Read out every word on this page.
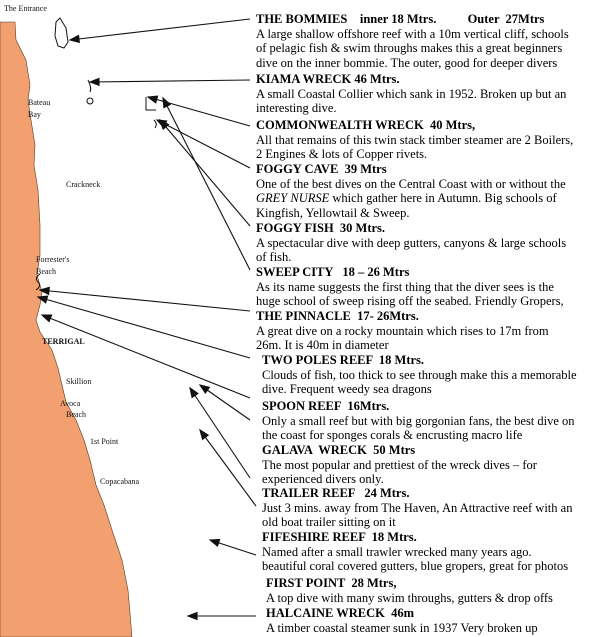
The Entrance
Bateau
Bay
Crackneck
Forrester's
Beach
TERRIGAL
Skillion
Avoca
Beach
1st Point
Copacabana
THE BOMMIES    inner 18 Mtrs.          Outer  27Mtrs
A large shallow offshore reef with a 10m vertical cliff, schools
of pelagic fish & swim throughs makes this a great beginners
dive on the inner bommie. The outer, good for deeper divers
KIAMA WRECK 46 Mtrs.
A small Coastal Collier which sank in 1952. Broken up but an
interesting dive.
COMMONWEALTH WRECK  40 Mtrs,
All that remains of this twin stack timber steamer are 2 Boilers,
2 Engines & lots of Copper rivets.
FOGGY CAVE  39 Mtrs
One of the best dives on the Central Coast with or without the
GREY NURSE which gather here in Autumn. Big schools of
Kingfish, Yellowtail & Sweep.
FOGGY FISH  30 Mtrs.
A spectacular dive with deep gutters, canyons & large schools
of fish.
SWEEP CITY   18 – 26 Mtrs
As its name suggests the first thing that the diver sees is the
huge school of sweep rising off the seabed. Friendly Gropers,
THE PINNACLE  17- 26Mtrs.
A great dive on a rocky mountain which rises to 17m from
26m. It is 40m in diameter
TWO POLES REEF  18 Mtrs.
Clouds of fish, too thick to see through make this a memorable
dive. Frequent weedy sea dragons
SPOON REEF  16Mtrs.
Only a small reef but with big gorgonian fans, the best dive on
the coast for sponges corals & encrusting macro life
GALAVA  WRECK  50 Mtrs
The most popular and prettiest of the wreck dives – for
experienced divers only.
TRAILER REEF   24 Mtrs.
Just 3 mins. away from The Haven, An Attractive reef with an
old boat trailer sitting on it
FIFESHIRE REEF  18 Mtrs.
Named after a small trawler wrecked many years ago.
beautiful coral covered gutters, blue gropers, great for photos
FIRST POINT  28 Mtrs,
A top dive with many swim throughs, gutters & drop offs
HALCAINE WRECK  46m
A timber coastal steamer sunk in 1937 Very broken up
